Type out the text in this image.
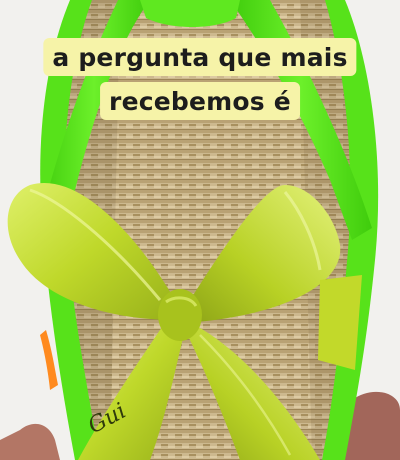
a pergunta que mais
recebemos é
Gui
